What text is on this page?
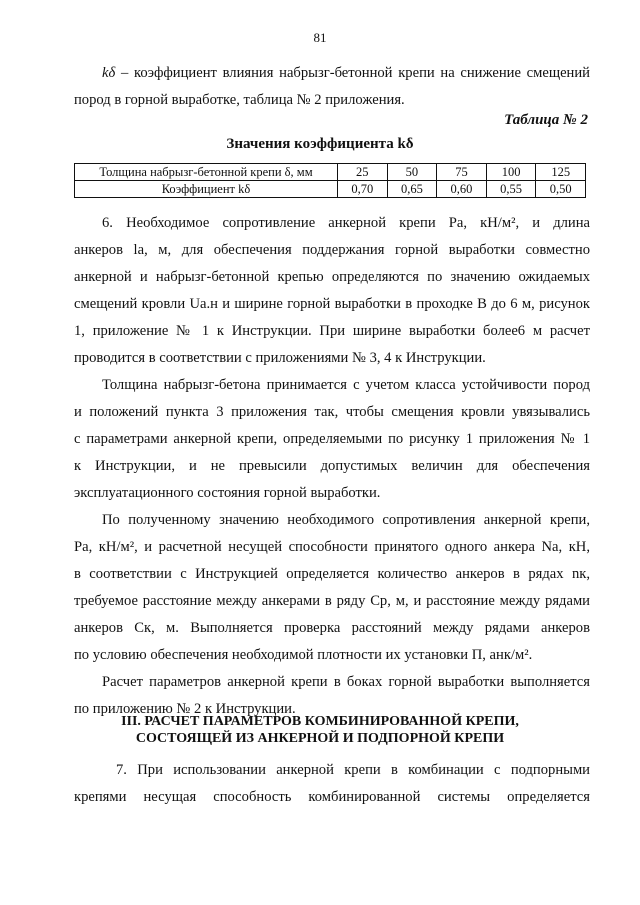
81
kδ – коэффициент влияния набрызг-бетонной крепи на снижение смещений
пород в горной выработке, таблица № 2 приложения.
Таблица № 2
Значения коэффициента kδ
Толщина набрызг-бетонной крепи δ, мм	25	50	75	100	125
Коэффициент kδ	0,70	0,65	0,60	0,55	0,50
6. Необходимое сопротивление анкерной крепи Pа, кН/м², и длина
анкеров lа, м, для обеспечения поддержания горной выработки совместно
анкерной и набрызг-бетонной крепью определяются по значению ожидаемых
смещений кровли Uа.н и ширине горной выработки в проходке B до 6 м, рисунок
1, приложение № 1 к Инструкции. При ширине выработки более6 м расчет
проводится в соответствии с приложениями № 3, 4 к Инструкции.
Толщина набрызг-бетона принимается с учетом класса устойчивости пород
и положений пункта 3 приложения так, чтобы смещения кровли увязывались
с параметрами анкерной крепи, определяемыми по рисунку 1 приложения № 1
к Инструкции, и не превысили допустимых величин для обеспечения
эксплуатационного состояния горной выработки.
По полученному значению необходимого сопротивления анкерной крепи,
Pа, кН/м², и расчетной несущей способности принятого одного анкера Nа, кН,
в соответствии с Инструкцией определяется количество анкеров в рядах nк,
требуемое расстояние между анкерами в ряду Cр, м, и расстояние между рядами
анкеров Cк, м. Выполняется проверка расстояний между рядами анкеров
по условию обеспечения необходимой плотности их установки П, анк/м².
Расчет параметров анкерной крепи в боках горной выработки выполняется
по приложению № 2 к Инструкции.
III. РАСЧЕТ ПАРАМЕТРОВ КОМБИНИРОВАННОЙ КРЕПИ,
СОСТОЯЩЕЙ ИЗ АНКЕРНОЙ И ПОДПОРНОЙ КРЕПИ
7. При использовании анкерной крепи в комбинации с подпорными
крепями несущая способность комбинированной системы определяется
